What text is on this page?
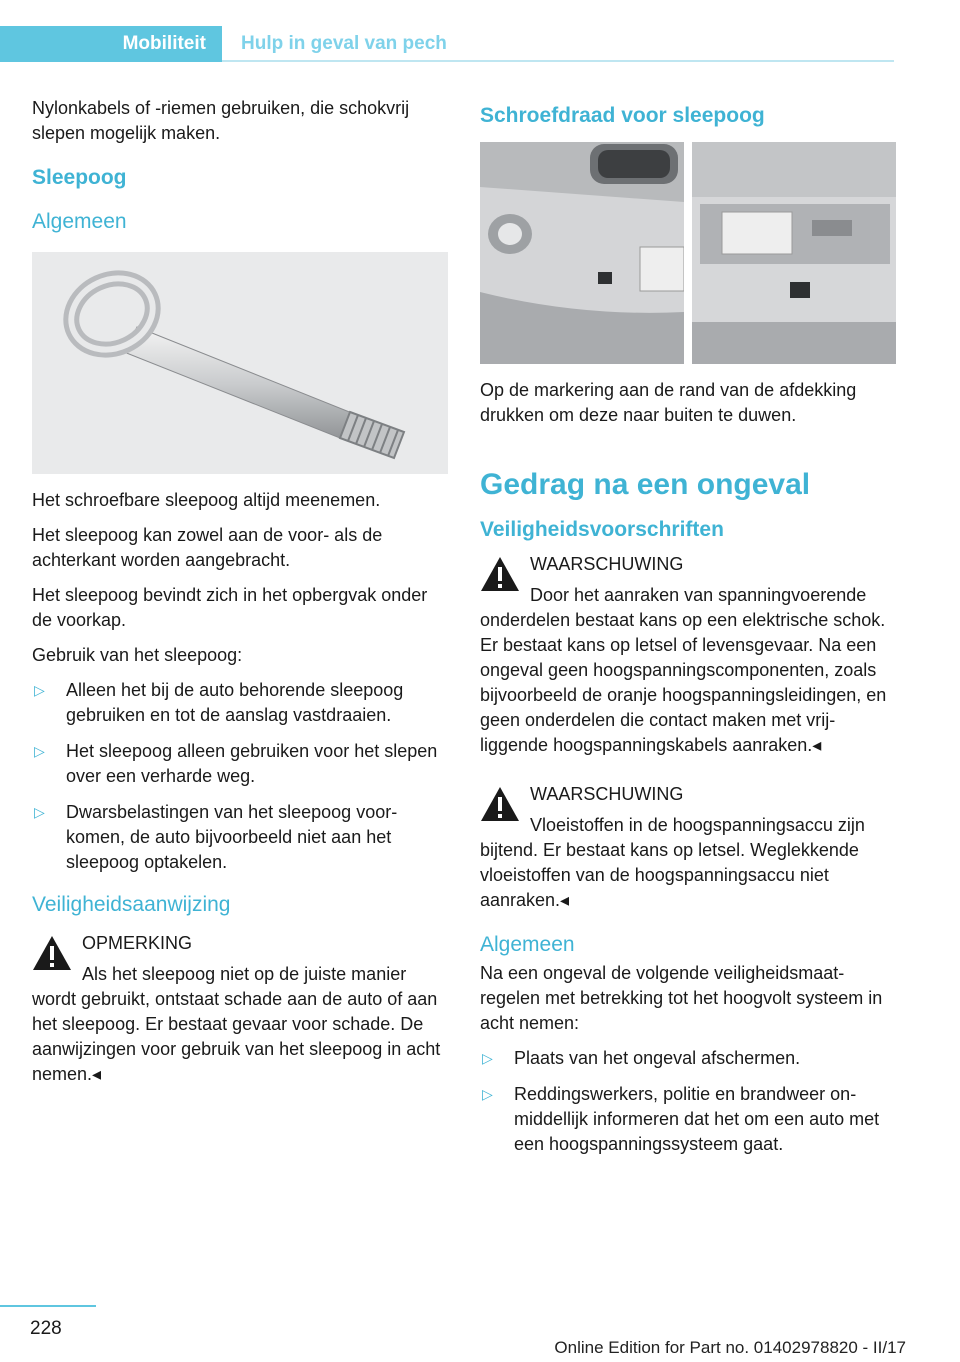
Mobiliteit	Hulp in geval van pech

Nylonkabels of -riemen gebruiken, die schokvrij slepen mogelijk maken.

Sleepoog
Algemeen

Het schroefbare sleepoog altijd meenemen.

Het sleepoog kan zowel aan de voor- als de achterkant worden aangebracht.

Het sleepoog bevindt zich in het opbergvak onder de voorkap.

Gebruik van het sleepoog:

▷ Alleen het bij de auto behorende sleepoog gebruiken en tot de aanslag vastdraaien.
▷ Het sleepoog alleen gebruiken voor het slepen over een verharde weg.
▷ Dwarsbelastingen van het sleepoog voorkomen, de auto bijvoorbeeld niet aan het sleepoog optakelen.
Veiligheidsaanwijzing
OPMERKING
Als het sleepoog niet op de juiste manier wordt gebruikt, ontstaat schade aan de auto of aan het sleepoog. Er bestaat gevaar voor schade. De aanwijzingen voor gebruik van het sleepoog in acht nemen.◂
Schroefdraad voor sleepoog

Op de markering aan de rand van de afdekking drukken om deze naar buiten te duwen.

Gedrag na een ongeval
Veiligheidsvoorschriften
WAARSCHUWING
Door het aanraken van spanningvoerende onderdelen bestaat kans op een elektrische schok. Er bestaat kans op letsel of levensgevaar. Na een ongeval geen hoogspanningscomponenten, zoals bijvoorbeeld de oranje hoogspanningsleidingen, en geen onderdelen die contact maken met vrijliggende hoogspanningskabels aanraken.◂
WAARSCHUWING
Vloeistoffen in de hoogspanningsaccu zijn bijtend. Er bestaat kans op letsel. Weglekkende vloeistoffen van de hoogspanningsaccu niet aanraken.◂
Algemeen

Na een ongeval de volgende veiligheidsmaatregelen met betrekking tot het hoogvolt systeem in acht nemen:

▷ Plaats van het ongeval afschermen.
▷ Reddingswerkers, politie en brandweer onmiddellijk informeren dat het om een auto met een hoogspanningssysteem gaat.
228
Online Edition for Part no. 01402978820 - II/17
